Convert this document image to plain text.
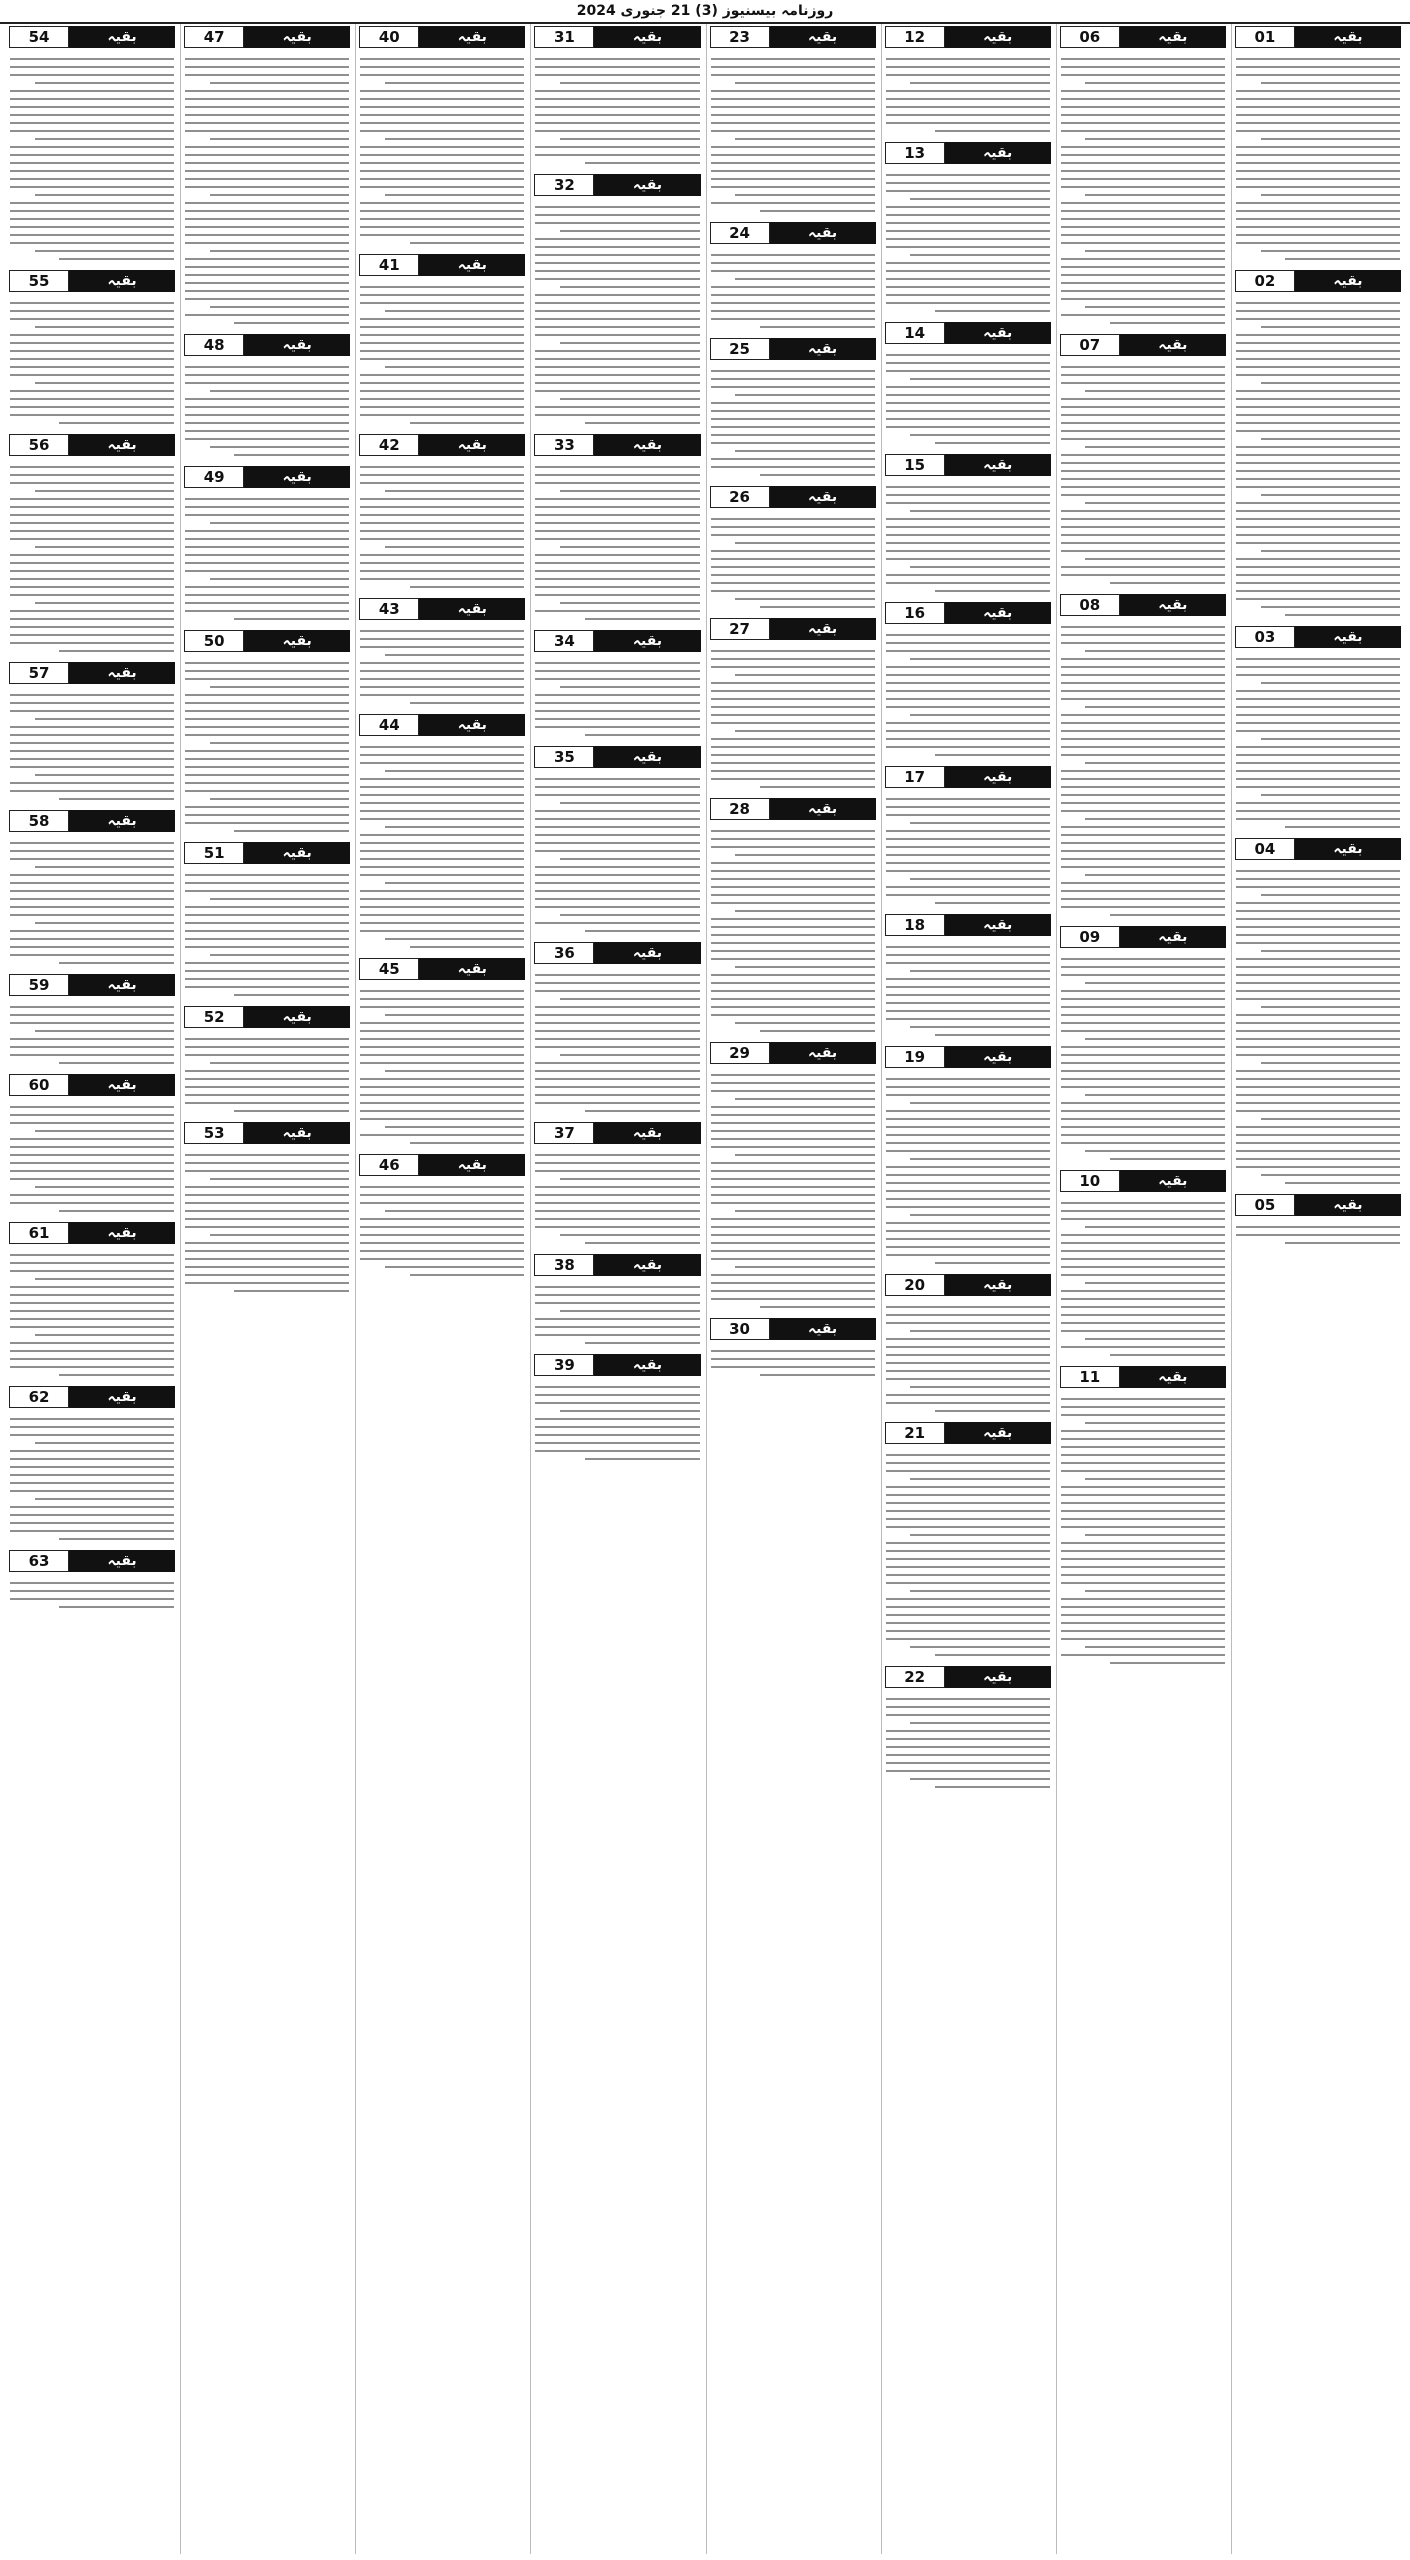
روزنامہ بیسنیوز (3) 21 جنوری 2024
بقیہ
01
بقیہ
02
بقیہ
03
بقیہ
04
بقیہ
05
بقیہ
06
بقیہ
07
بقیہ
08
بقیہ
09
بقیہ
10
بقیہ
11
بقیہ
12
بقیہ
13
بقیہ
14
بقیہ
15
بقیہ
16
بقیہ
17
بقیہ
18
بقیہ
19
بقیہ
20
بقیہ
21
بقیہ
22
بقیہ
23
بقیہ
24
بقیہ
25
بقیہ
26
بقیہ
27
بقیہ
28
بقیہ
29
بقیہ
30
بقیہ
31
بقیہ
32
بقیہ
33
بقیہ
34
بقیہ
35
بقیہ
36
بقیہ
37
بقیہ
38
بقیہ
39
بقیہ
40
بقیہ
41
بقیہ
42
بقیہ
43
بقیہ
44
بقیہ
45
بقیہ
46
بقیہ
47
بقیہ
48
بقیہ
49
بقیہ
50
بقیہ
51
بقیہ
52
بقیہ
53
بقیہ
54
بقیہ
55
بقیہ
56
بقیہ
57
بقیہ
58
بقیہ
59
بقیہ
60
بقیہ
61
بقیہ
62
بقیہ
63
